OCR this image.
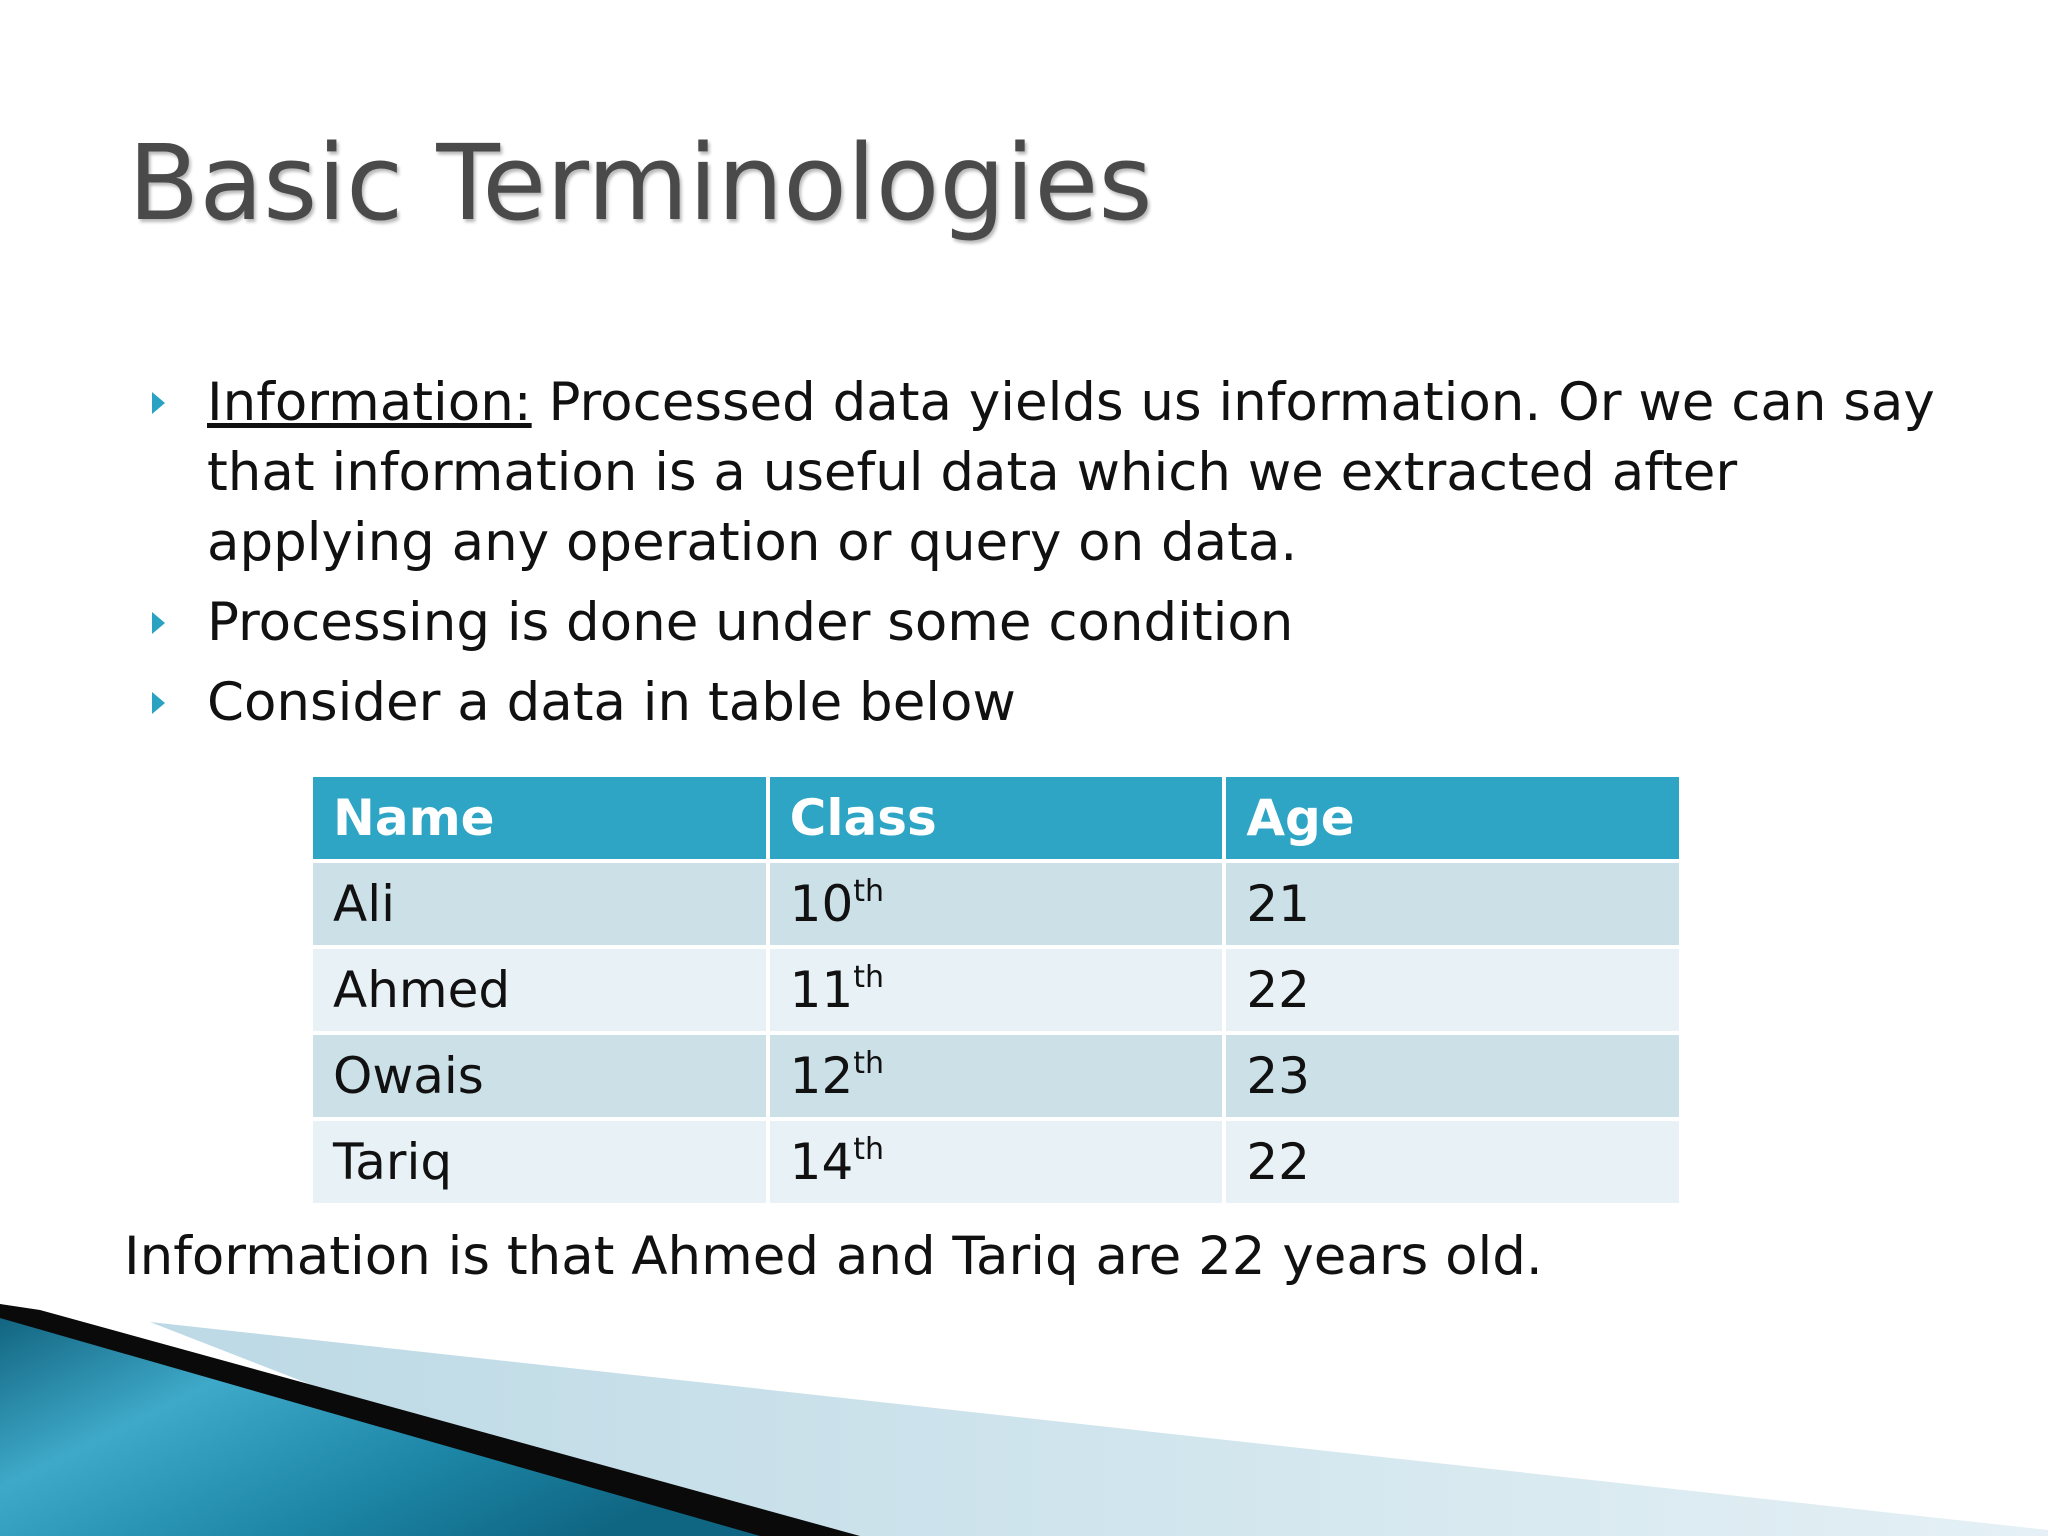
Basic Terminologies
Information: Processed data yields us information. Or we can say that information is a useful data which we extracted after applying any operation or query on data.
Processing is done under some condition
Consider a data in table below
Name	Class	Age
Ali	10th	21
Ahmed	11th	22
Owais	12th	23
Tariq	14th	22
Information is that Ahmed and Tariq are 22 years old.
